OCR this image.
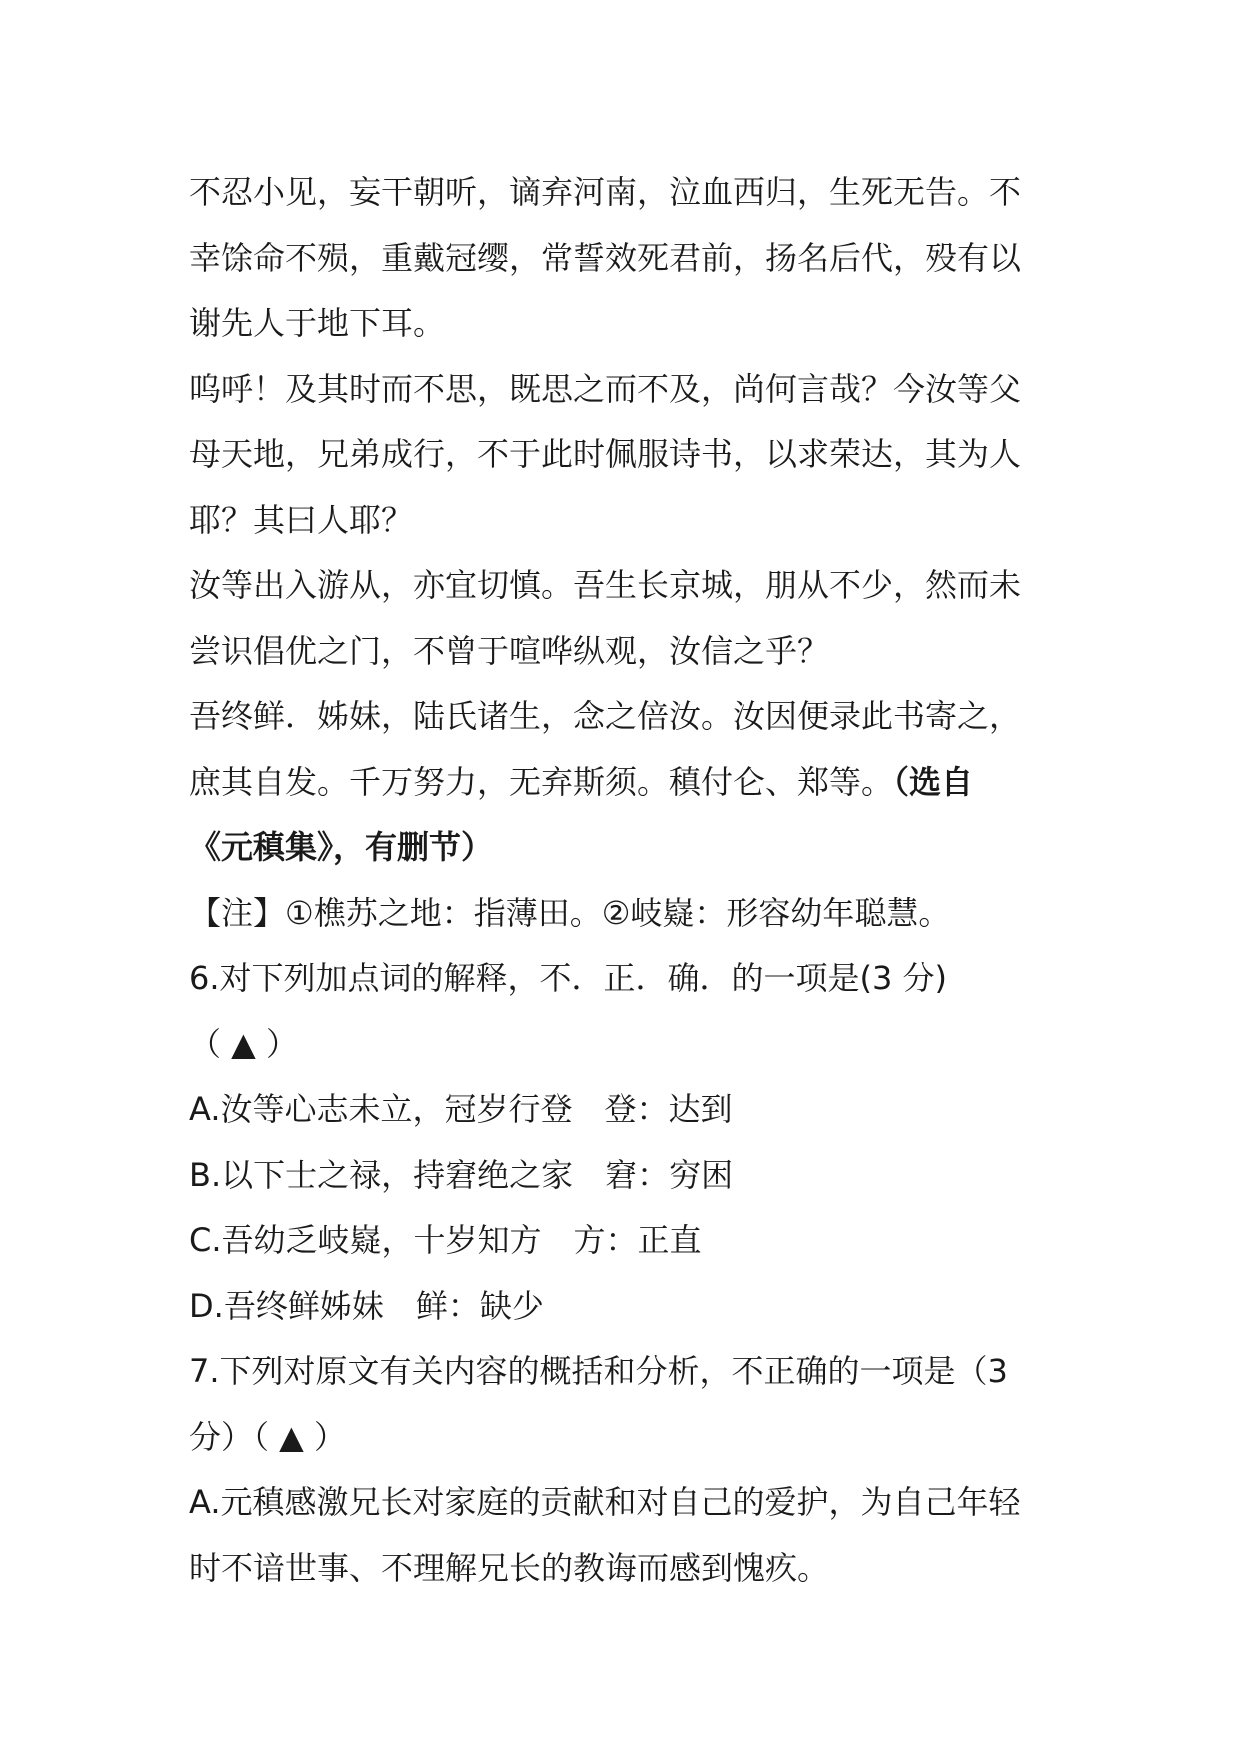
不忍小见，妄干朝听，谪弃河南，泣血西归，生死无告。不
幸馀命不殒，重戴冠缨，常誓效死君前，扬名后代，殁有以
谢先人于地下耳。
呜呼！及其时而不思，既思之而不及，尚何言哉？今汝等父
母天地，兄弟成行，不于此时佩服诗书，以求荣达，其为人
耶？其曰人耶？
汝等出入游从，亦宜切慎。吾生长京城，朋从不少，然而未
尝识倡优之门，不曾于喧哗纵观，汝信之乎？
吾终鲜．姊妹，陆氏诸生，念之倍汝。汝因便录此书寄之，
庶其自发。千万努力，无弃斯须。稹付仑、郑等。（选自
《元稹集》，有删节）
【注】①樵苏之地：指薄田。②岐嶷：形容幼年聪慧。
6.对下列加点词的解释，不．正．确．的一项是(3 分)
（ ▲ ）
A.汝等心志未立，冠岁行登　登：达到
B.以下士之禄，持窘绝之家　窘：穷困
C.吾幼乏岐嶷，十岁知方　方：正直
D.吾终鲜姊妹　鲜：缺少
7.下列对原文有关内容的概括和分析，不正确的一项是（3
分）（ ▲ ）
A.元稹感激兄长对家庭的贡献和对自己的爱护，为自己年轻
时不谙世事、不理解兄长的教诲而感到愧疚。
